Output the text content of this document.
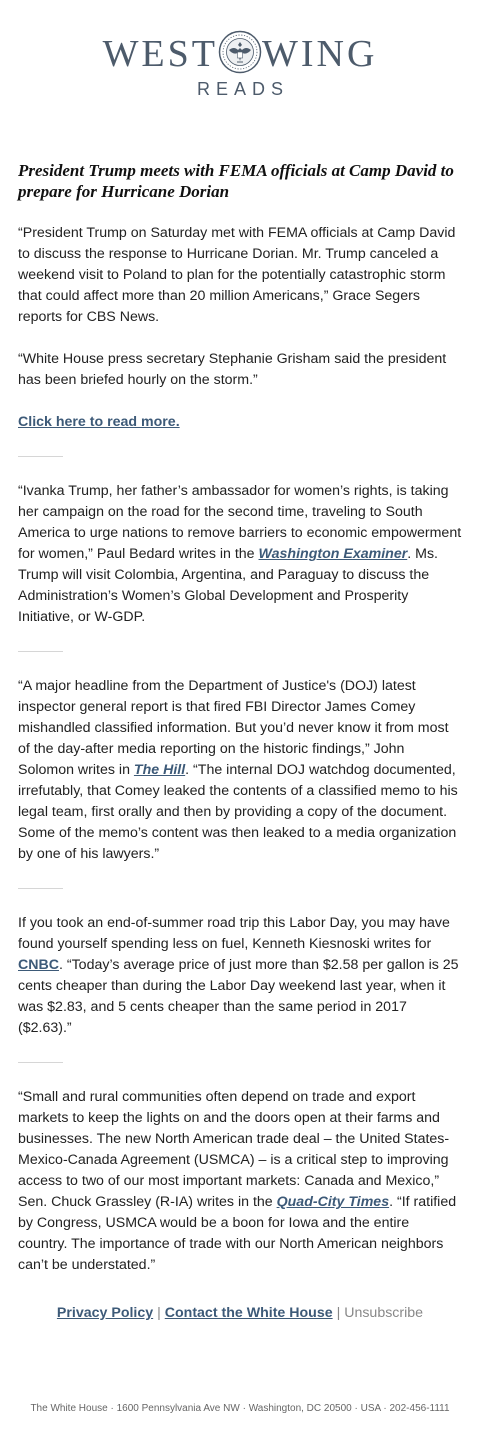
WEST WING
READS
President Trump meets with FEMA officials at Camp David to prepare for Hurricane Dorian

“President Trump on Saturday met with FEMA officials at Camp David to discuss the response to Hurricane Dorian. Mr. Trump canceled a weekend visit to Poland to plan for the potentially catastrophic storm that could affect more than 20 million Americans,” Grace Segers reports for CBS News.

“White House press secretary Stephanie Grisham said the president has been briefed hourly on the storm.”

Click here to read more.

“Ivanka Trump, her father’s ambassador for women’s rights, is taking her campaign on the road for the second time, traveling to South America to urge nations to remove barriers to economic empowerment for women,” Paul Bedard writes in the Washington Examiner. Ms. Trump will visit Colombia, Argentina, and Paraguay to discuss the Administration’s Women’s Global Development and Prosperity Initiative, or W-GDP.

“A major headline from the Department of Justice's (DOJ) latest inspector general report is that fired FBI Director James Comey mishandled classified information. But you’d never know it from most of the day-after media reporting on the historic findings,” John Solomon writes in The Hill. “The internal DOJ watchdog documented, irrefutably, that Comey leaked the contents of a classified memo to his legal team, first orally and then by providing a copy of the document. Some of the memo’s content was then leaked to a media organization by one of his lawyers.”

If you took an end-of-summer road trip this Labor Day, you may have found yourself spending less on fuel, Kenneth Kiesnoski writes for CNBC. “Today’s average price of just more than $2.58 per gallon is 25 cents cheaper than during the Labor Day weekend last year, when it was $2.83, and 5 cents cheaper than the same period in 2017 ($2.63).”

“Small and rural communities often depend on trade and export markets to keep the lights on and the doors open at their farms and businesses. The new North American trade deal – the United States-Mexico-Canada Agreement (USMCA) – is a critical step to improving access to two of our most important markets: Canada and Mexico,” Sen. Chuck Grassley (R-IA) writes in the Quad-City Times. “If ratified by Congress, USMCA would be a boon for Iowa and the entire country. The importance of trade with our North American neighbors can’t be understated.”

Privacy Policy | Contact the White House | Unsubscribe
The White House · 1600 Pennsylvania Ave NW · Washington, DC 20500 · USA · 202-456-1111
